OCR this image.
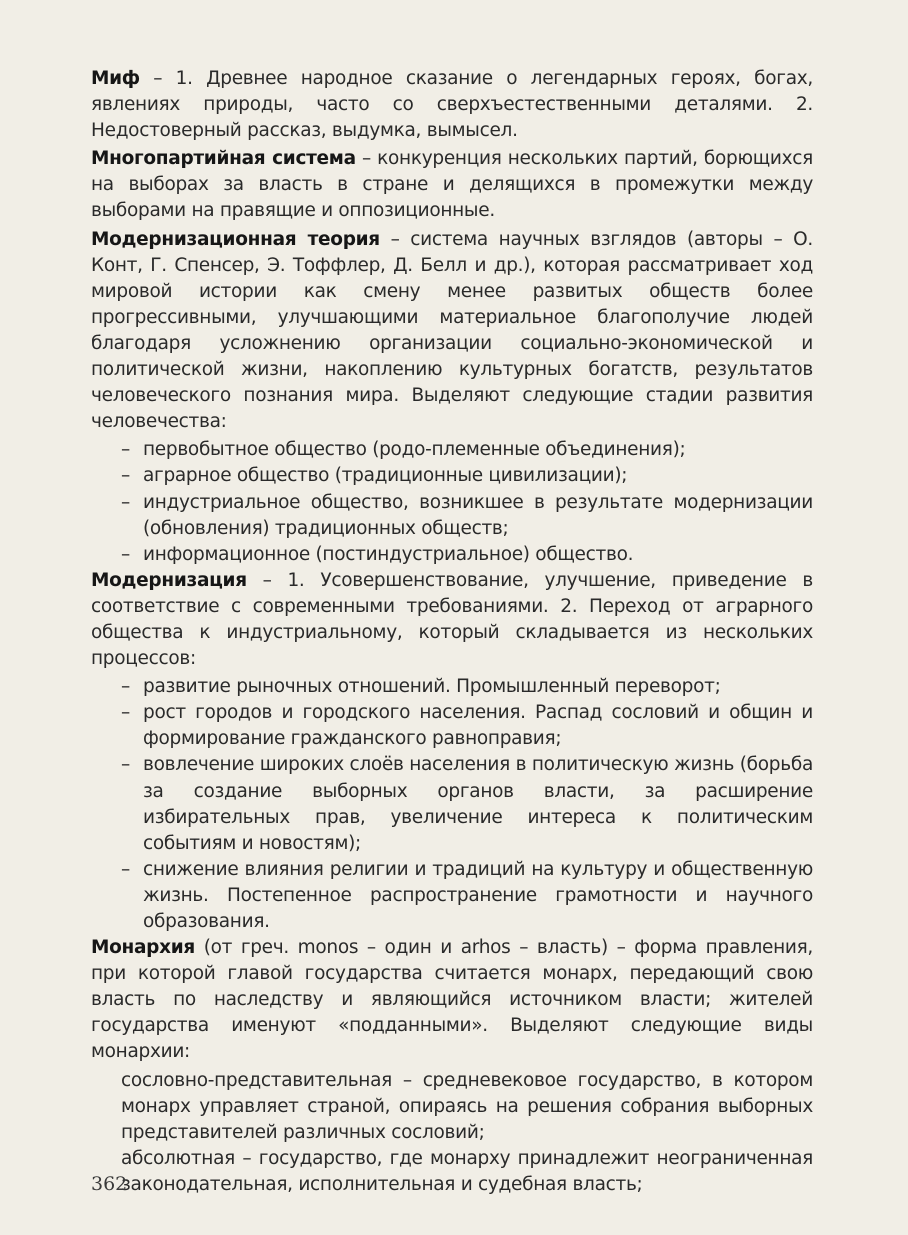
Миф – 1. Древнее народное сказание о легендарных героях, богах, явлениях природы, часто со сверхъестественными деталями. 2. Недостоверный рассказ, выдумка, вымысел.

Многопартийная система – конкуренция нескольких партий, борющихся на выборах за власть в стране и делящихся в промежутки между выборами на правящие и оппозиционные.

Модернизационная теория – система научных взглядов (авторы – О. Конт, Г. Спенсер, Э. Тоффлер, Д. Белл и др.), которая рассматривает ход мировой истории как смену менее развитых обществ более прогрессивными, улучшающими материальное благополучие людей благодаря усложнению организации социально-экономической и политической жизни, накоплению культурных богатств, результатов человеческого познания мира. Выделяют следующие стадии развития человечества:

– первобытное общество (родо-племенные объединения);
– аграрное общество (традиционные цивилизации);
– индустриальное общество, возникшее в результате модернизации (обновления) традиционных обществ;
– информационное (постиндустриальное) общество.

Модернизация – 1. Усовершенствование, улучшение, приведение в соответствие с современными требованиями. 2. Переход от аграрного общества к индустриальному, который складывается из нескольких процессов:

– развитие рыночных отношений. Промышленный переворот;
– рост городов и городского населения. Распад сословий и общин и формирование гражданского равноправия;
– вовлечение широких слоёв населения в политическую жизнь (борьба за создание выборных органов власти, за расширение избирательных прав, увеличение интереса к политическим событиям и новостям);
– снижение влияния религии и традиций на культуру и общественную жизнь. Постепенное распространение грамотности и научного образования.

Монархия (от греч. monos – один и arhos – власть) – форма правления, при которой главой государства считается монарх, передающий свою власть по наследству и являющийся источником власти; жителей государства именуют «подданными». Выделяют следующие виды монархии:

сословно-представительная – средневековое государство, в котором монарх управляет страной, опираясь на решения собрания выборных представителей различных сословий;

абсолютная – государство, где монарху принадлежит неограниченная законодательная, исполнительная и судебная власть;

362
